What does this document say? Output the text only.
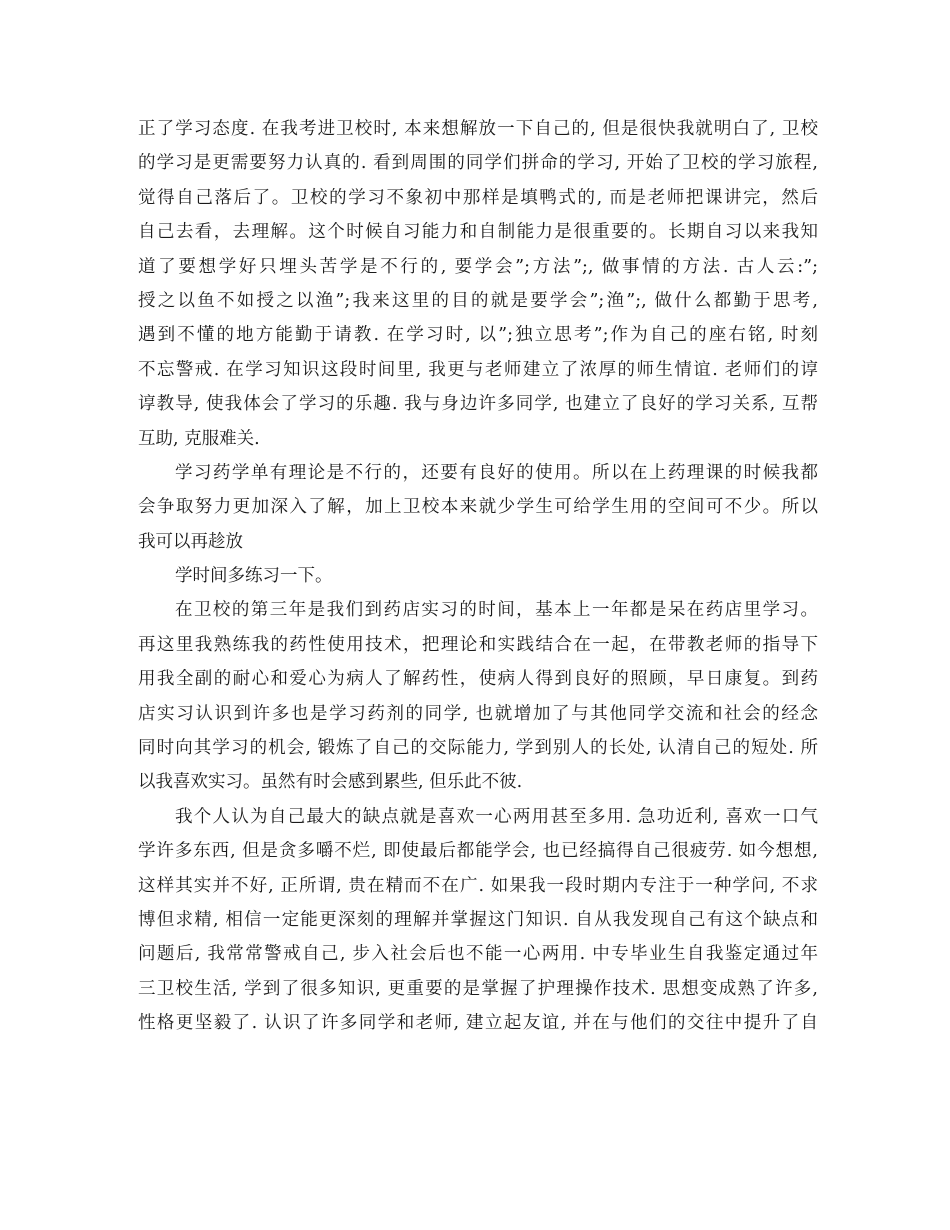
正了学习态度. 在我考进卫校时, 本来想解放一下自己的, 但是很快我就明白了, 卫校
的学习是更需要努力认真的. 看到周围的同学们拼命的学习, 开始了卫校的学习旅程,
觉得自己落后了。卫校的学习不象初中那样是填鸭式的, 而是老师把课讲完，然后
自己去看，去理解。这个时候自习能力和自制能力是很重要的。长期自习以来我知
道了要想学好只埋头苦学是不行的, 要学会”;方法”;, 做事情的方法. 古人云:”;
授之以鱼不如授之以渔”;我来这里的目的就是要学会”;渔”;, 做什么都勤于思考,
遇到不懂的地方能勤于请教. 在学习时, 以”;独立思考”;作为自己的座右铭, 时刻
不忘警戒. 在学习知识这段时间里, 我更与老师建立了浓厚的师生情谊. 老师们的谆
谆教导, 使我体会了学习的乐趣. 我与身边许多同学, 也建立了良好的学习关系, 互帮
互助, 克服难关.
学习药学单有理论是不行的，还要有良好的使用。所以在上药理课的时候我都
会争取努力更加深入了解，加上卫校本来就少学生可给学生用的空间可不少。所以
我可以再趁放
学时间多练习一下。
在卫校的第三年是我们到药店实习的时间，基本上一年都是呆在药店里学习。
再这里我熟练我的药性使用技术，把理论和实践结合在一起，在带教老师的指导下
用我全副的耐心和爱心为病人了解药性，使病人得到良好的照顾，早日康复。到药
店实习认识到许多也是学习药剂的同学, 也就增加了与其他同学交流和社会的经念
同时向其学习的机会, 锻炼了自己的交际能力, 学到别人的长处, 认清自己的短处. 所
以我喜欢实习。虽然有时会感到累些, 但乐此不彼.
我个人认为自己最大的缺点就是喜欢一心两用甚至多用. 急功近利, 喜欢一口气
学许多东西, 但是贪多嚼不烂, 即使最后都能学会, 也已经搞得自己很疲劳. 如今想想,
这样其实并不好, 正所谓, 贵在精而不在广. 如果我一段时期内专注于一种学问, 不求
博但求精, 相信一定能更深刻的理解并掌握这门知识. 自从我发现自己有这个缺点和
问题后, 我常常警戒自己, 步入社会后也不能一心两用. 中专毕业生自我鉴定通过年
三卫校生活, 学到了很多知识, 更重要的是掌握了护理操作技术. 思想变成熟了许多,
性格更坚毅了. 认识了许多同学和老师, 建立起友谊, 并在与他们的交往中提升了自
